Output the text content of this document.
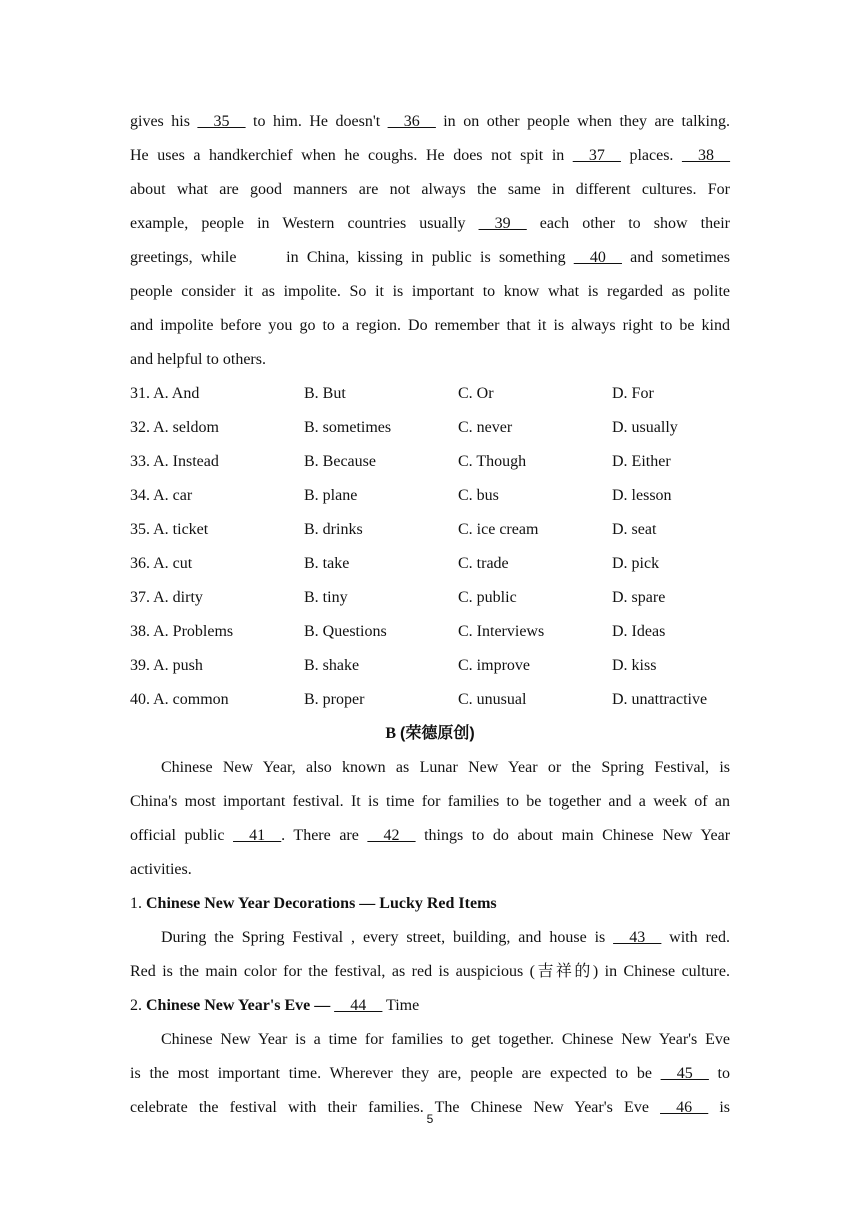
gives his __35__ to him. He doesn't __36__ in on other people when they are talking.
He uses a handkerchief when he coughs. He does not spit in __37__ places. __38__
about what are good manners are not always the same in different cultures. For
example, people in Western countries usually __39__ each other to show their
greetings, while      in China, kissing in public is something __40__ and sometimes
people consider it as impolite. So it is important to know what is regarded as polite
and impolite before you go to a region. Do remember that it is always right to be kind
and helpful to others.
31. A. And	B. But	C. Or	D. For
32. A. seldom	B. sometimes	C. never	D. usually
33. A. Instead	B. Because	C. Though	D. Either
34. A. car	B. plane	C. bus	D. lesson
35. A. ticket	B. drinks	C. ice cream	D. seat
36. A. cut	B. take	C. trade	D. pick
37. A. dirty	B. tiny	C. public	D. spare
38. A. Problems	B. Questions	C. Interviews	D. Ideas
39. A. push	B. shake	C. improve	D. kiss
40. A. common	B. proper	C. unusual	D. unattractive
B (荣德原创)
Chinese New Year, also known as Lunar New Year or the Spring Festival, is
China's most important festival. It is time for families to be together and a week of an
official public __41__. There are __42__ things to do about main Chinese New Year
activities.
1. Chinese New Year Decorations — Lucky Red Items
During the Spring Festival , every street, building, and house is __43__ with red.
Red is the main color for the festival, as red is auspicious (吉祥的) in Chinese culture.
2. Chinese New Year's Eve — __44__ Time
Chinese New Year is a time for families to get together. Chinese New Year's Eve
is the most important time. Wherever they are, people are expected to be __45__ to
celebrate the festival with their families. The Chinese New Year's Eve __46__ is
5
